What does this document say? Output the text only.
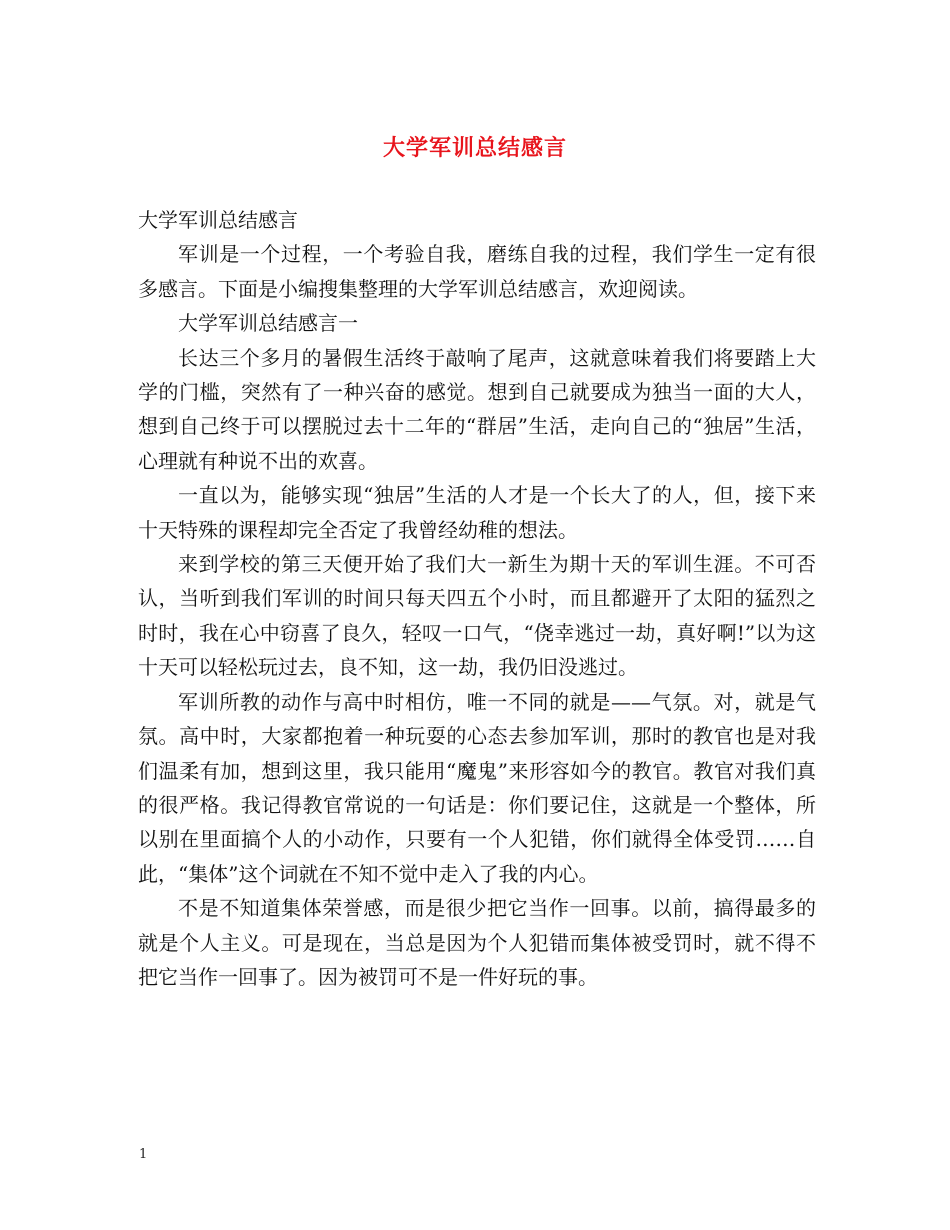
大学军训总结感言

大学军训总结感言

军训是一个过程，一个考验自我，磨练自我的过程，我们学生一定有很多感言。下面是小编搜集整理的大学军训总结感言，欢迎阅读。

大学军训总结感言一

长达三个多月的暑假生活终于敲响了尾声，这就意味着我们将要踏上大学的门槛，突然有了一种兴奋的感觉。想到自己就要成为独当一面的大人，想到自己终于可以摆脱过去十二年的“群居”生活，走向自己的“独居”生活，心理就有种说不出的欢喜。

一直以为，能够实现“独居”生活的人才是一个长大了的人，但，接下来十天特殊的课程却完全否定了我曾经幼稚的想法。

来到学校的第三天便开始了我们大一新生为期十天的军训生涯。不可否认，当听到我们军训的时间只每天四五个小时，而且都避开了太阳的猛烈之时时，我在心中窃喜了良久，轻叹一口气，“侥幸逃过一劫，真好啊!”以为这十天可以轻松玩过去，良不知，这一劫，我仍旧没逃过。

军训所教的动作与高中时相仿，唯一不同的就是——气氛。对，就是气氛。高中时，大家都抱着一种玩耍的心态去参加军训，那时的教官也是对我们温柔有加，想到这里，我只能用“魔鬼”来形容如今的教官。教官对我们真的很严格。我记得教官常说的一句话是：你们要记住，这就是一个整体，所以别在里面搞个人的小动作，只要有一个人犯错，你们就得全体受罚……自此，“集体”这个词就在不知不觉中走入了我的内心。

不是不知道集体荣誉感，而是很少把它当作一回事。以前，搞得最多的就是个人主义。可是现在，当总是因为个人犯错而集体被受罚时，就不得不把它当作一回事了。因为被罚可不是一件好玩的事。

1
